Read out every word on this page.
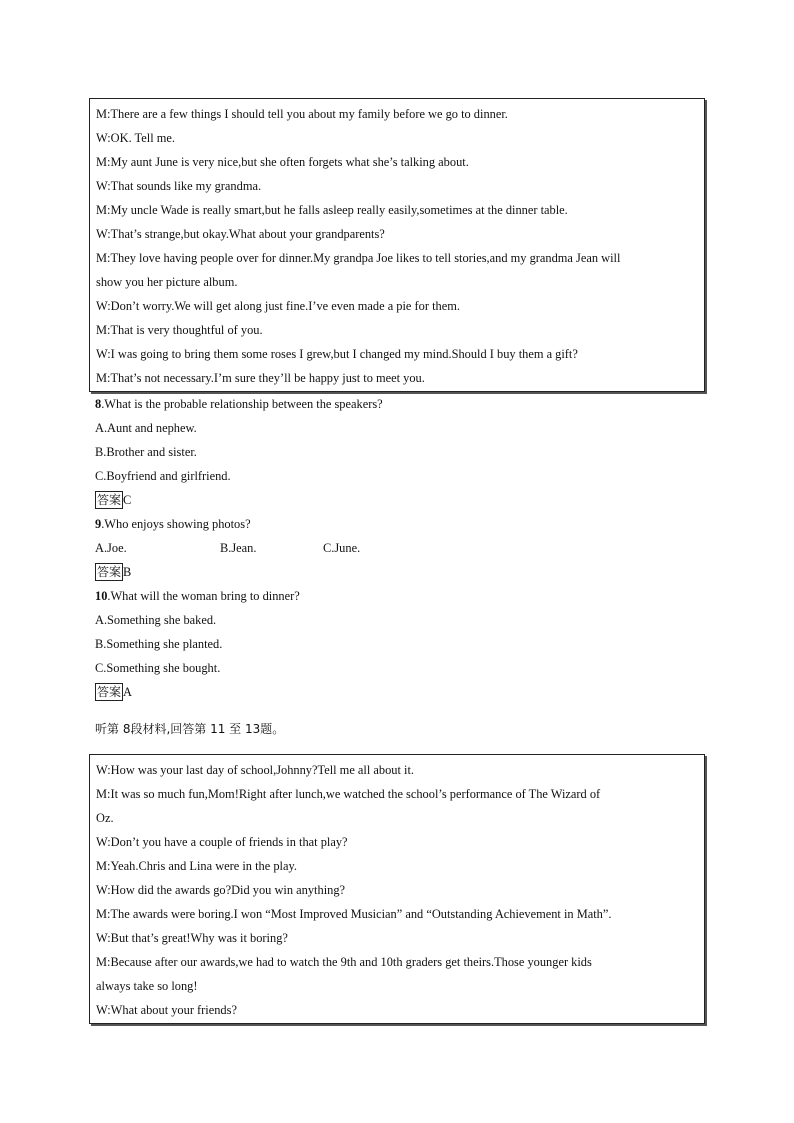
M:There are a few things I should tell you about my family before we go to dinner.
W:OK. Tell me.
M:My aunt June is very nice,but she often forgets what she’s talking about.
W:That sounds like my grandma.
M:My uncle Wade is really smart,but he falls asleep really easily,sometimes at the dinner table.
W:That’s strange,but okay.What about your grandparents?
M:They love having people over for dinner.My grandpa Joe likes to tell stories,and my grandma Jean will
show you her picture album.
W:Don’t worry.We will get along just fine.I’ve even made a pie for them.
M:That is very thoughtful of you.
W:I was going to bring them some roses I grew,but I changed my mind.Should I buy them a gift?
M:That’s not necessary.I’m sure they’ll be happy just to meet you.
8.What is the probable relationship between the speakers?
A.Aunt and nephew.
B.Brother and sister.
C.Boyfriend and girlfriend.
答案 C
9.Who enjoys showing photos?
A.Joe.	B.Jean.	C.June.
答案 B
10.What will the woman bring to dinner?
A.Something she baked.
B.Something she planted.
C.Something she bought.
答案 A
听第 8段材料,回答第 11 至 13题。
W:How was your last day of school,Johnny?Tell me all about it.
M:It was so much fun,Mom!Right after lunch,we watched the school’s performance of The Wizard of
Oz.
W:Don’t you have a couple of friends in that play?
M:Yeah.Chris and Lina were in the play.
W:How did the awards go?Did you win anything?
M:The awards were boring.I won “Most Improved Musician” and “Outstanding Achievement in Math”.
W:But that’s great!Why was it boring?
M:Because after our awards,we had to watch the 9th and 10th graders get theirs.Those younger kids
always take so long!
W:What about your friends?
